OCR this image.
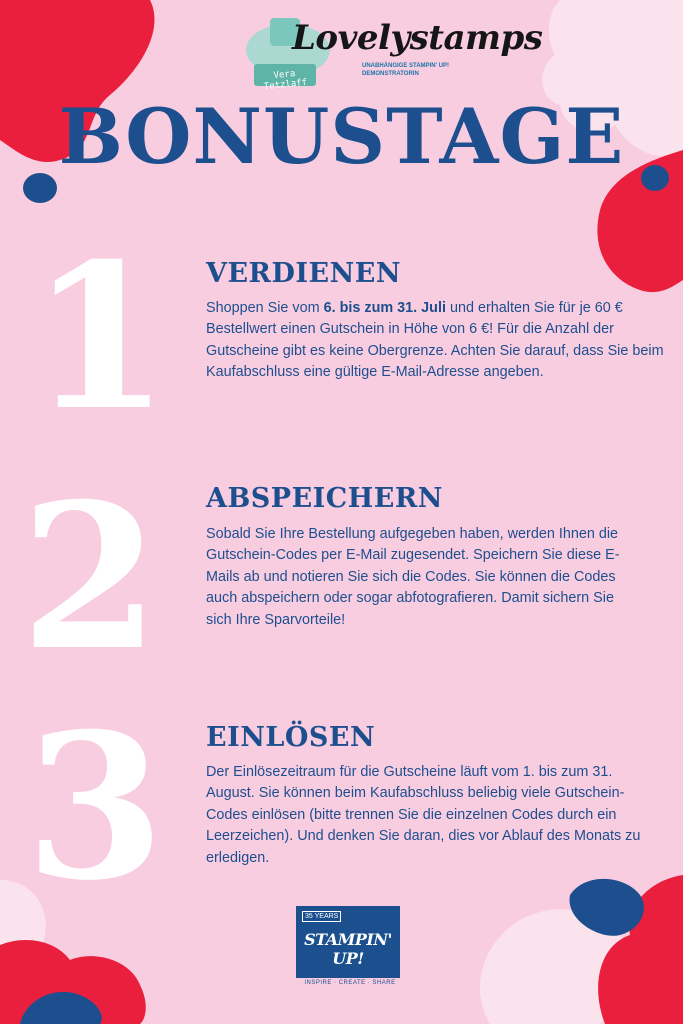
Vera Tetzlaff
Lovelystamps
UNABHÄNGIGE STAMPIN' UP! DEMONSTRATORIN
BONUSTAGE
1	VERDIENEN

Shoppen Sie vom 6. bis zum 31. Juli und erhalten Sie für je 60 € Bestellwert einen Gutschein in Höhe von 6 €! Für die Anzahl der Gutscheine gibt es keine Obergrenze. Achten Sie darauf, dass Sie beim Kaufabschluss eine gültige E-Mail-Adresse angeben.

2	ABSPEICHERN

Sobald Sie Ihre Bestellung aufgegeben haben, werden Ihnen die Gutschein-Codes per E-Mail zugesendet. Speichern Sie diese E-Mails ab und notieren Sie sich die Codes. Sie können die Codes auch abspeichern oder sogar abfotografieren. Damit sichern Sie sich Ihre Sparvorteile!

3	EINLÖSEN

Der Einlösezeitraum für die Gutscheine läuft vom 1. bis zum 31. August. Sie können beim Kaufabschluss beliebig viele Gutschein-Codes einlösen (bitte trennen Sie die einzelnen Codes durch ein Leerzeichen). Und denken Sie daran, dies vor Ablauf des Monats zu erledigen.

35 YEARS
STAMPIN' UP!
INSPIRE · CREATE · SHARE
